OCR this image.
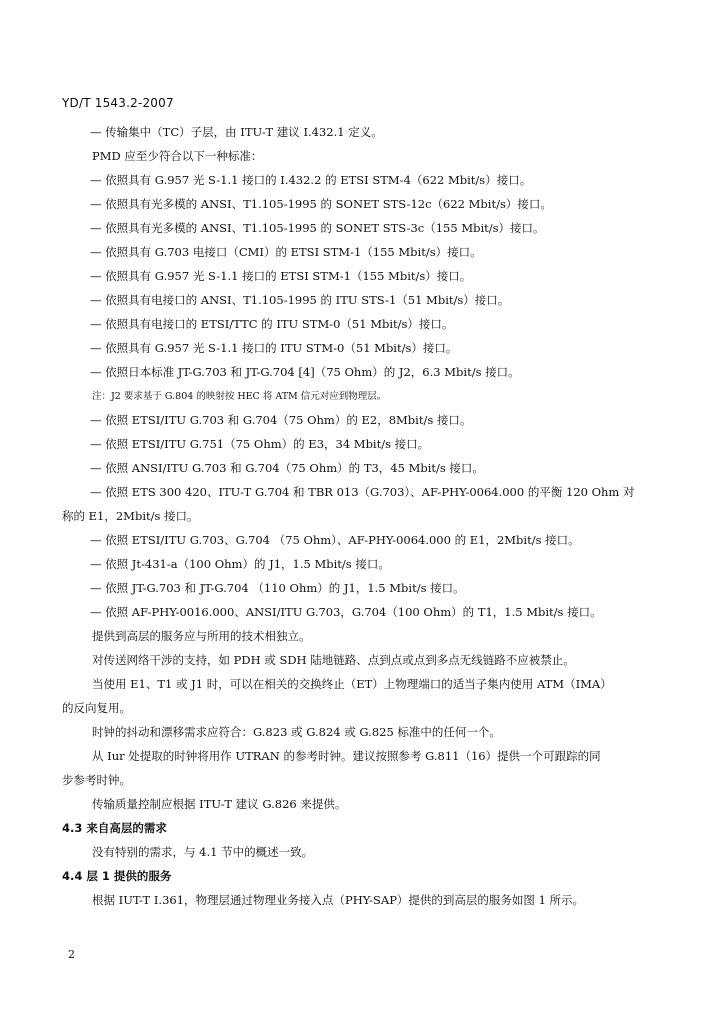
YD/T 1543.2-2007
— 传输集中（TC）子层，由 ITU-T 建议 I.432.1 定义。
PMD 应至少符合以下一种标准：
— 依照具有 G.957 光 S-1.1 接口的 I.432.2 的 ETSI STM-4（622 Mbit/s）接口。
— 依照具有光多模的 ANSI、T1.105-1995 的 SONET STS-12c（622 Mbit/s）接口。
— 依照具有光多模的 ANSI、T1.105-1995 的 SONET STS-3c（155 Mbit/s）接口。
— 依照具有 G.703 电接口（CMI）的 ETSI STM-1（155 Mbit/s）接口。
— 依照具有 G.957 光 S-1.1 接口的 ETSI STM-1（155 Mbit/s）接口。
— 依照具有电接口的 ANSI、T1.105-1995 的 ITU STS-1（51 Mbit/s）接口。
— 依照具有电接口的 ETSI/TTC 的 ITU STM-0（51 Mbit/s）接口。
— 依照具有 G.957 光 S-1.1 接口的 ITU STM-0（51 Mbit/s）接口。
— 依照日本标准 JT-G.703 和 JT-G.704 [4]（75 Ohm）的 J2，6.3 Mbit/s 接口。
注：J2 要求基于 G.804 的映射按 HEC 将 ATM 信元对应到物理层。
— 依照 ETSI/ITU G.703 和 G.704（75 Ohm）的 E2，8Mbit/s 接口。
— 依照 ETSI/ITU G.751（75 Ohm）的 E3，34 Mbit/s 接口。
— 依照 ANSI/ITU G.703 和 G.704（75 Ohm）的 T3，45 Mbit/s 接口。
— 依照 ETS 300 420、ITU-T G.704 和 TBR 013（G.703）、AF-PHY-0064.000 的平衡 120 Ohm 对
称的 E1，2Mbit/s 接口。
— 依照 ETSI/ITU G.703、G.704 （75 Ohm）、AF-PHY-0064.000 的 E1，2Mbit/s 接口。
— 依照 Jt-431-a（100 Ohm）的 J1，1.5 Mbit/s 接口。
— 依照 JT-G.703 和 JT-G.704 （110 Ohm）的 J1，1.5 Mbit/s 接口。
— 依照 AF-PHY-0016.000、ANSI/ITU G.703，G.704（100 Ohm）的 T1，1.5 Mbit/s 接口。
提供到高层的服务应与所用的技术相独立。
对传送网络干涉的支持，如 PDH 或 SDH 陆地链路、点到点或点到多点无线链路不应被禁止。
当使用 E1、T1 或 J1 时，可以在相关的交换终止（ET）上物理端口的适当子集内使用 ATM（IMA）
的反向复用。
时钟的抖动和漂移需求应符合：G.823 或 G.824 或 G.825 标准中的任何一个。
从 Iur 处提取的时钟将用作 UTRAN 的参考时钟。建议按照参考 G.811（16）提供一个可跟踪的同
步参考时钟。
传输质量控制应根据 ITU-T 建议 G.826 来提供。
4.3 来自高层的需求
没有特别的需求，与 4.1 节中的概述一致。
4.4 层 1 提供的服务
根据 IUT-T I.361，物理层通过物理业务接入点（PHY-SAP）提供的到高层的服务如图 1 所示。
2
